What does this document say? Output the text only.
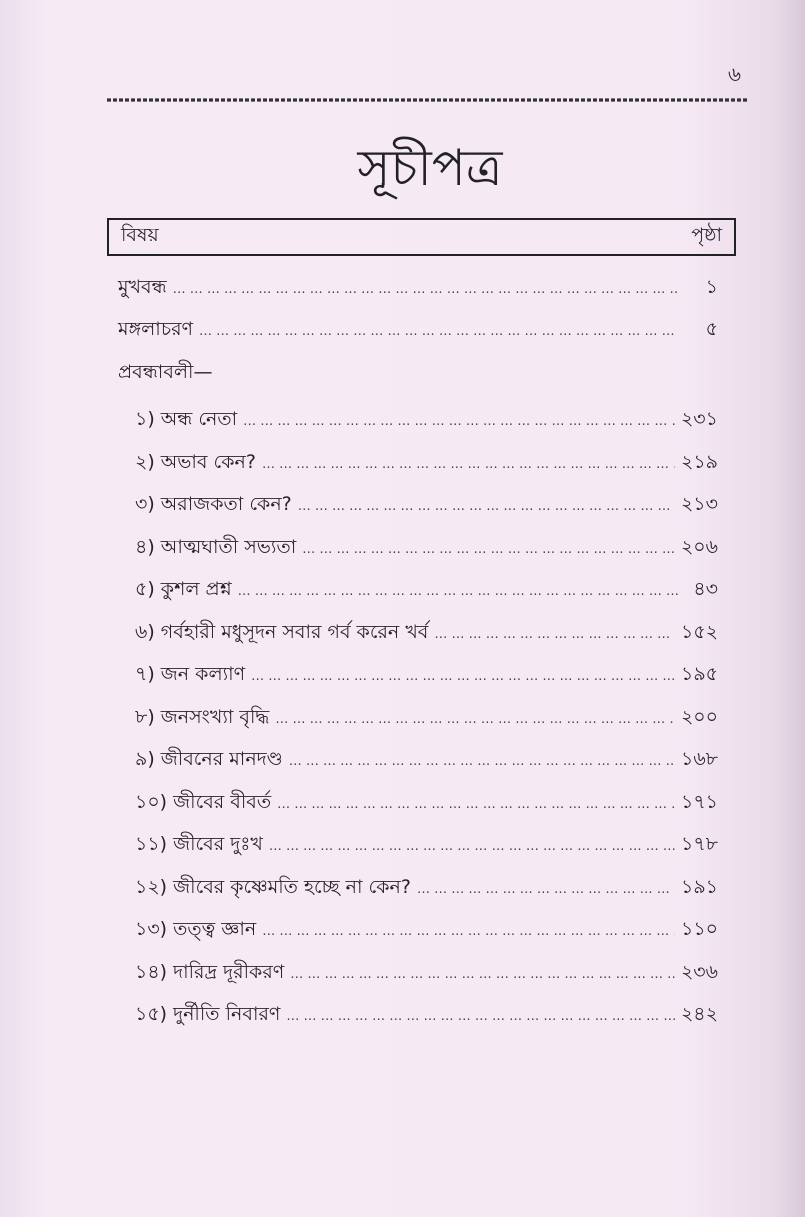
৬
সূচীপত্র
বিষয়	পৃষ্ঠা
মুখবন্ধ … … … … … … … … … … … … … … … … … … … … … … … … … … … … … … … … … … … … … … … … … … … … … …	১
মঙ্গলাচরণ … … … … … … … … … … … … … … … … … … … … … … … … … … … … … … … … … … … … … … … … … … … … … …	৫
প্রবন্ধাবলী—
১) অন্ধ নেতা … … … … … … … … … … … … … … … … … … … … … … … … … … … … … … … … … … … … … … … … … … … … … …	২৩১
২) অভাব কেন? … … … … … … … … … … … … … … … … … … … … … … … … … … … … … … … … … … … … … … … … … … … … … …	২১৯
৩) অরাজকতা কেন? … … … … … … … … … … … … … … … … … … … … … … … … … … … … … … … … … … … … … … … … … … … … … …	২১৩
৪) আত্মঘাতী সভ্যতা … … … … … … … … … … … … … … … … … … … … … … … … … … … … … … … … … … … … … … … … … … … … … …	২০৬
৫) কুশল প্রশ্ন … … … … … … … … … … … … … … … … … … … … … … … … … … … … … … … … … … … … … … … … … … … … … …	৪৩
৬) গর্বহারী মধুসূদন সবার গর্ব করেন খর্ব … … … … … … … … … … … … … … … … … … … … … … … … … … … … … … … … … … … … … … … … … … … … … …	১৫২
৭) জন কল্যাণ … … … … … … … … … … … … … … … … … … … … … … … … … … … … … … … … … … … … … … … … … … … … … …	১৯৫
৮) জনসংখ্যা বৃদ্ধি … … … … … … … … … … … … … … … … … … … … … … … … … … … … … … … … … … … … … … … … … … … … … …	২০০
৯) জীবনের মানদণ্ড … … … … … … … … … … … … … … … … … … … … … … … … … … … … … … … … … … … … … … … … … … … … … …	১৬৮
১০) জীবের বীবর্ত … … … … … … … … … … … … … … … … … … … … … … … … … … … … … … … … … … … … … … … … … … … … … …	১৭১
১১) জীবের দুঃখ … … … … … … … … … … … … … … … … … … … … … … … … … … … … … … … … … … … … … … … … … … … … … …	১৭৮
১২) জীবের কৃষ্ণেমতি হচ্ছে না কেন? … … … … … … … … … … … … … … … … … … … … … … … … … … … … … … … … … … … … … … … … … … … … … …	১৯১
১৩) তত্ত্ব জ্ঞান … … … … … … … … … … … … … … … … … … … … … … … … … … … … … … … … … … … … … … … … … … … … … …	১১০
১৪) দারিদ্র দূরীকরণ … … … … … … … … … … … … … … … … … … … … … … … … … … … … … … … … … … … … … … … … … … … … … …	২৩৬
১৫) দুর্নীতি নিবারণ … … … … … … … … … … … … … … … … … … … … … … … … … … … … … … … … … … … … … … … … … … … … … …	২৪২
